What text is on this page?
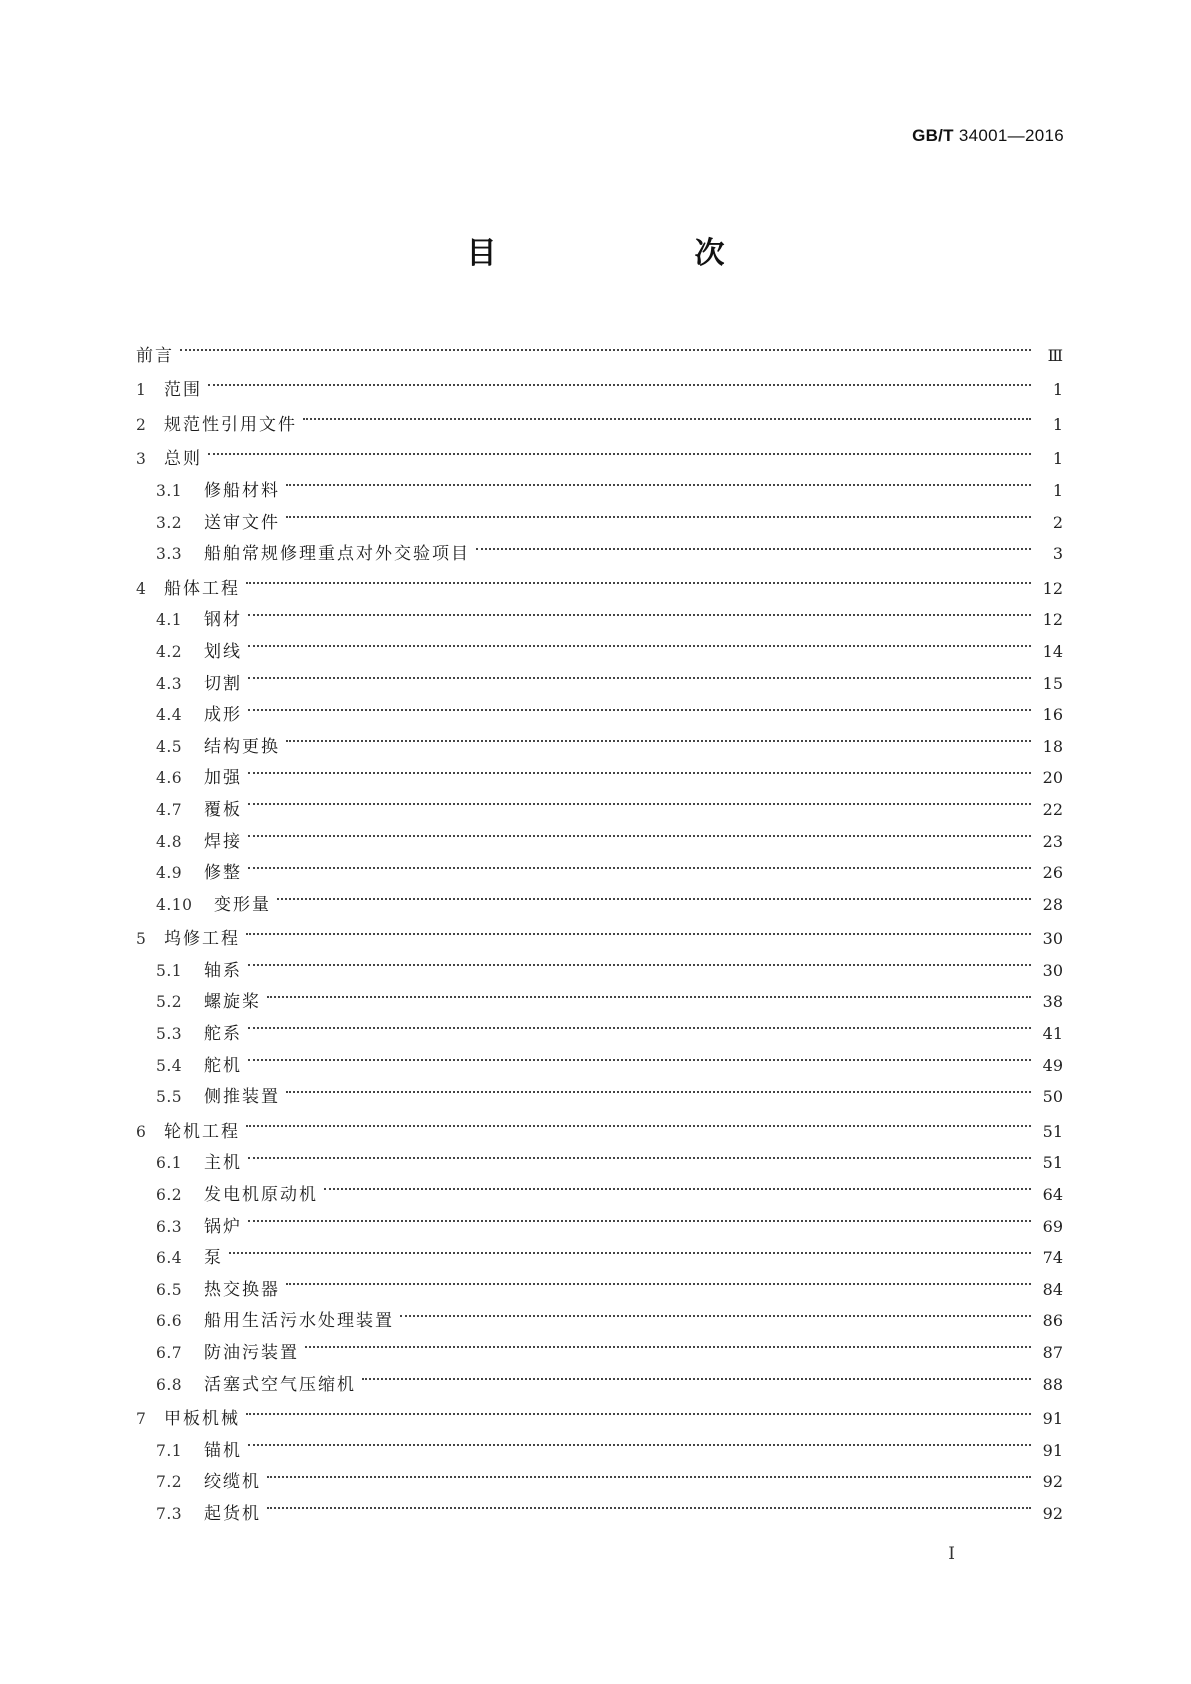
GB/T 34001—2016
目　　次
前言	Ⅲ
1	范围	1
2	规范性引用文件	1
3	总则	1
3.1	修船材料	1
3.2	送审文件	2
3.3	船舶常规修理重点对外交验项目	3
4	船体工程	12
4.1	钢材	12
4.2	划线	14
4.3	切割	15
4.4	成形	16
4.5	结构更换	18
4.6	加强	20
4.7	覆板	22
4.8	焊接	23
4.9	修整	26
4.10	变形量	28
5	坞修工程	30
5.1	轴系	30
5.2	螺旋桨	38
5.3	舵系	41
5.4	舵机	49
5.5	侧推装置	50
6	轮机工程	51
6.1	主机	51
6.2	发电机原动机	64
6.3	锅炉	69
6.4	泵	74
6.5	热交换器	84
6.6	船用生活污水处理装置	86
6.7	防油污装置	87
6.8	活塞式空气压缩机	88
7	甲板机械	91
7.1	锚机	91
7.2	绞缆机	92
7.3	起货机	92
I
